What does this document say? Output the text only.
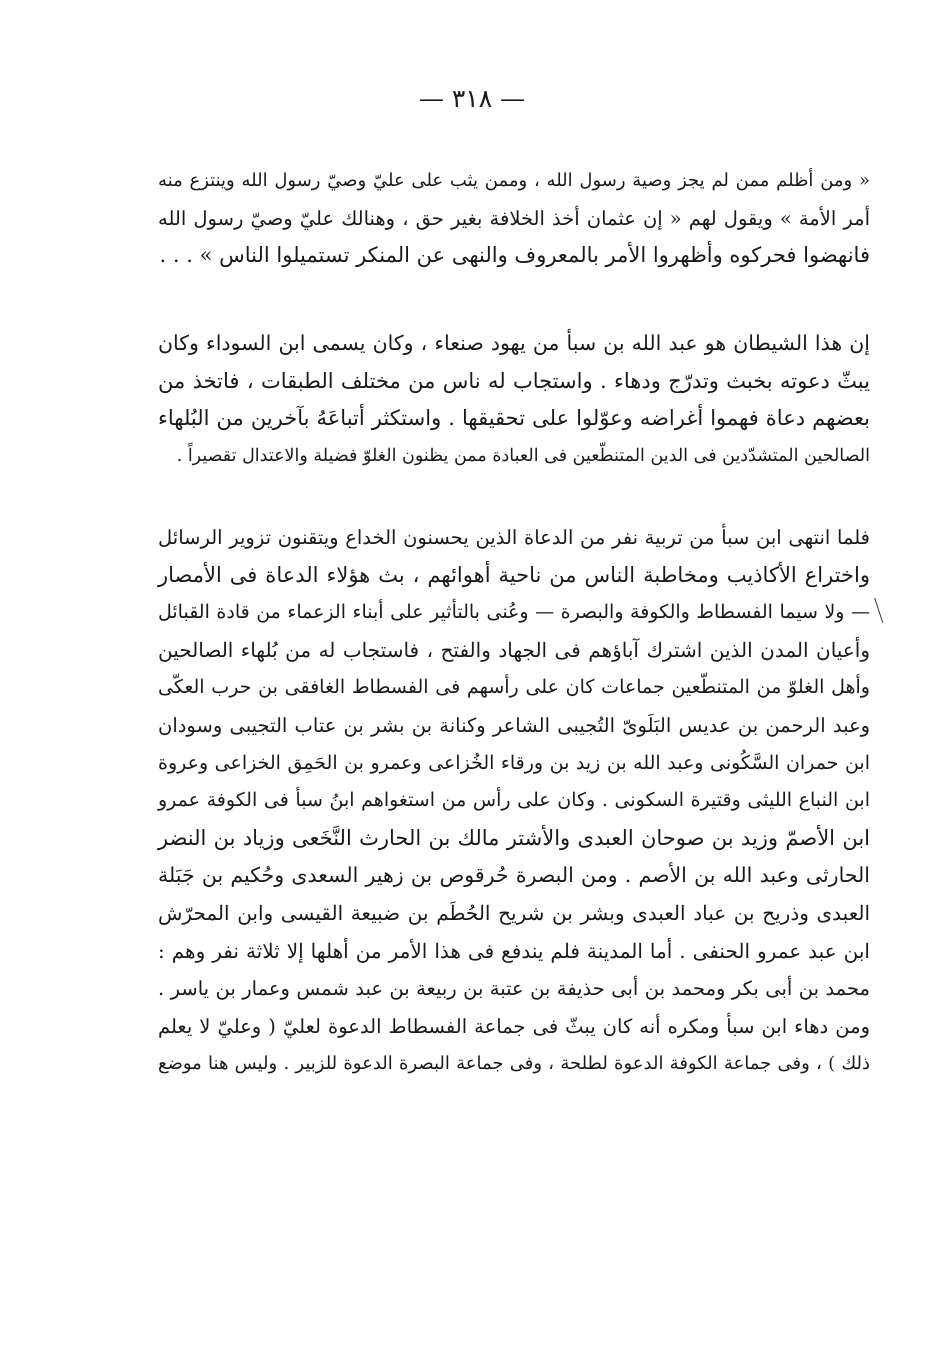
— ٣١٨ —
« ومن أظلم ممن لم يجز وصية رسول الله ، وممن يثب على عليّ وصيّ رسول الله وينتزع منه
أمر الأمة » ويقول لهم « إن عثمان أخذ الخلافة بغير حق ، وهنالك عليّ وصيّ رسول الله
فانهضوا فحركوه وأظهروا الأمر بالمعروف والنهى عن المنكر تستميلوا الناس » . . .
إن هذا الشيطان هو عبد الله بن سبأ من يهود صنعاء ، وكان يسمى ابن السوداء وكان
يبثّ دعوته بخبث وتدرّج ودهاء . واستجاب له ناس من مختلف الطبقات ، فاتخذ من
بعضهم دعاة فهموا أغراضه وعوّلوا على تحقيقها . واستكثر أتباعَهُ بآخرين من البُلهاء
الصالحين المتشدّدين فى الدين المتنطّعين فى العبادة ممن يظنون الغلوّ فضيلة والاعتدال تقصيراً .
فلما انتهى ابن سبأ من تربية نفر من الدعاة الذين يحسنون الخداع ويتقنون تزوير الرسائل
واختراع الأكاذيب ومخاطبة الناس من ناحية أهوائهم ، بث هؤلاء الدعاة فى الأمصار
— ولا سيما الفسطاط والكوفة والبصرة — وعُنى بالتأثير على أبناء الزعماء من قادة القبائل
وأعيان المدن الذين اشترك آباؤهم فى الجهاد والفتح ، فاستجاب له من بُلهاء الصالحين
وأهل الغلوّ من المتنطّعين جماعات كان على رأسهم فى الفسطاط الغافقى بن حرب العكّى
وعبد الرحمن بن عديس البَلَوىّ التُجيبى الشاعر وكنانة بن بشر بن عتاب التجيبى وسودان
ابن حمران السَّكُونى وعبد الله بن زيد بن ورقاء الخُزاعى وعمرو بن الحَمِق الخزاعى وعروة
ابن النباع الليثى وقتيرة السكونى . وكان على رأس من استغواهم ابنُ سبأ فى الكوفة عمرو
ابن الأصمّ وزيد بن صوحان العبدى والأشتر مالك بن الحارث النَّخَعى وزياد بن النضر
الحارثى وعبد الله بن الأصم . ومن البصرة حُرقوص بن زهير السعدى وحُكيم بن جَبَلة
العبدى وذريح بن عباد العبدى وبشر بن شريح الحُطَم بن ضبيعة القيسى وابن المحرّش
ابن عبد عمرو الحنفى . أما المدينة فلم يندفع فى هذا الأمر من أهلها إلا ثلاثة نفر وهم :
محمد بن أبى بكر ومحمد بن أبى حذيفة بن عتبة بن ربيعة بن عبد شمس وعمار بن ياسر .
ومن دهاء ابن سبأ ومكره أنه كان يبثّ فى جماعة الفسطاط الدعوة لعليّ ( وعليّ لا يعلم
ذلك ) ، وفى جماعة الكوفة الدعوة لطلحة ، وفى جماعة البصرة الدعوة للزبير . وليس هنا موضع
